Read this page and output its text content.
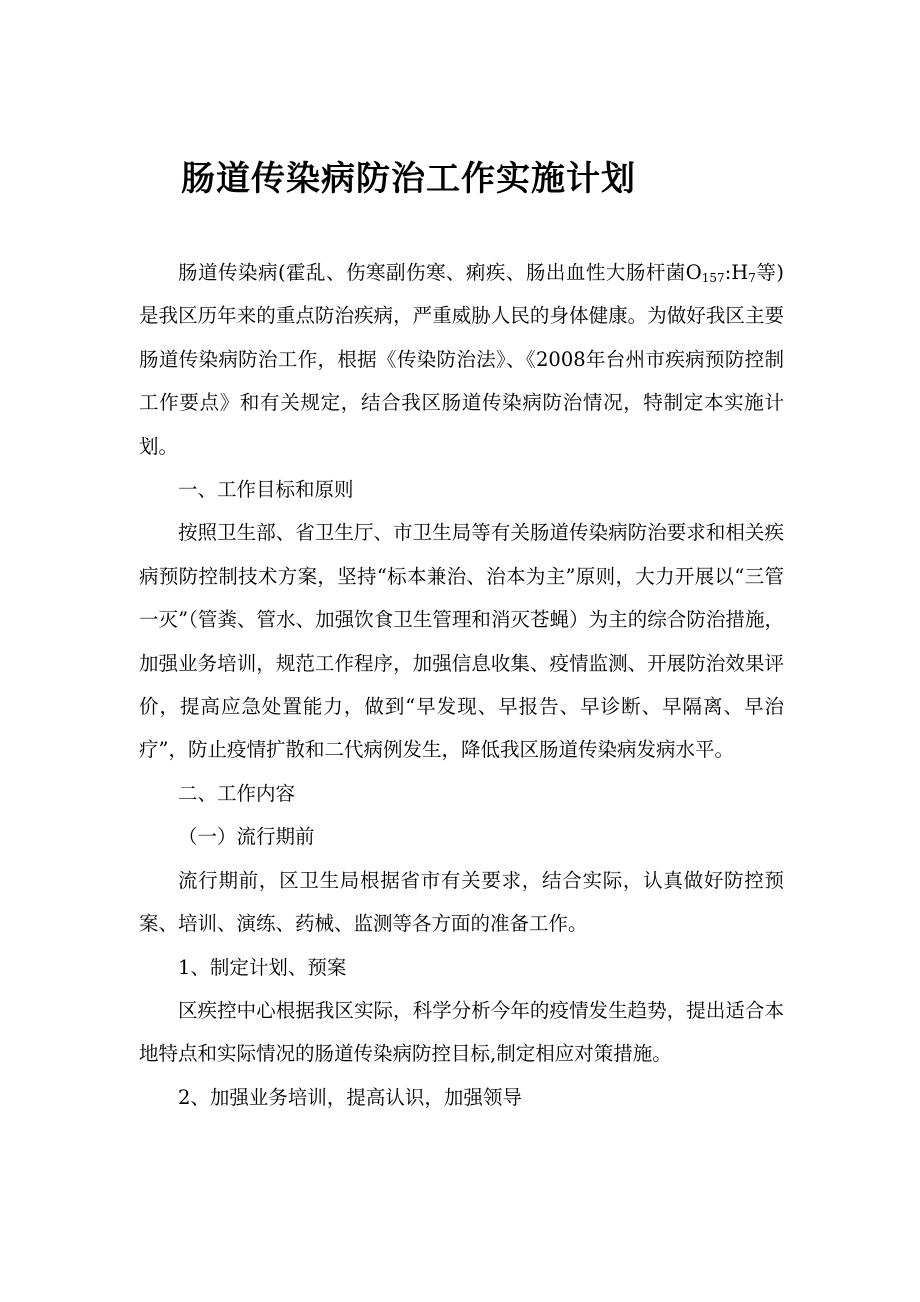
肠道传染病防治工作实施计划

肠道传染病(霍乱、伤寒副伤寒、痢疾、肠出血性大肠杆菌$O_{157}:H_7$等)是我区历年来的重点防治疾病，严重威胁人民的身体健康。为做好我区主要肠道传染病防治工作，根据《传染防治法》、《2008年台州市疾病预防控制工作要点》和有关规定，结合我区肠道传染病防治情况，特制定本实施计划。

一、工作目标和原则

按照卫生部、省卫生厅、市卫生局等有关肠道传染病防治要求和相关疾病预防控制技术方案，坚持“标本兼治、治本为主”原则，大力开展以“三管一灭”（管粪、管水、加强饮食卫生管理和消灭苍蝇）为主的综合防治措施，加强业务培训，规范工作程序，加强信息收集、疫情监测、开展防治效果评价，提高应急处置能力，做到“早发现、早报告、早诊断、早隔离、早治疗”，防止疫情扩散和二代病例发生，降低我区肠道传染病发病水平。

二、工作内容

（一）流行期前

流行期前，区卫生局根据省市有关要求，结合实际，认真做好防控预案、培训、演练、药械、监测等各方面的准备工作。

1、制定计划、预案

区疾控中心根据我区实际，科学分析今年的疫情发生趋势，提出适合本地特点和实际情况的肠道传染病防控目标,制定相应对策措施。

2、加强业务培训，提高认识，加强领导
